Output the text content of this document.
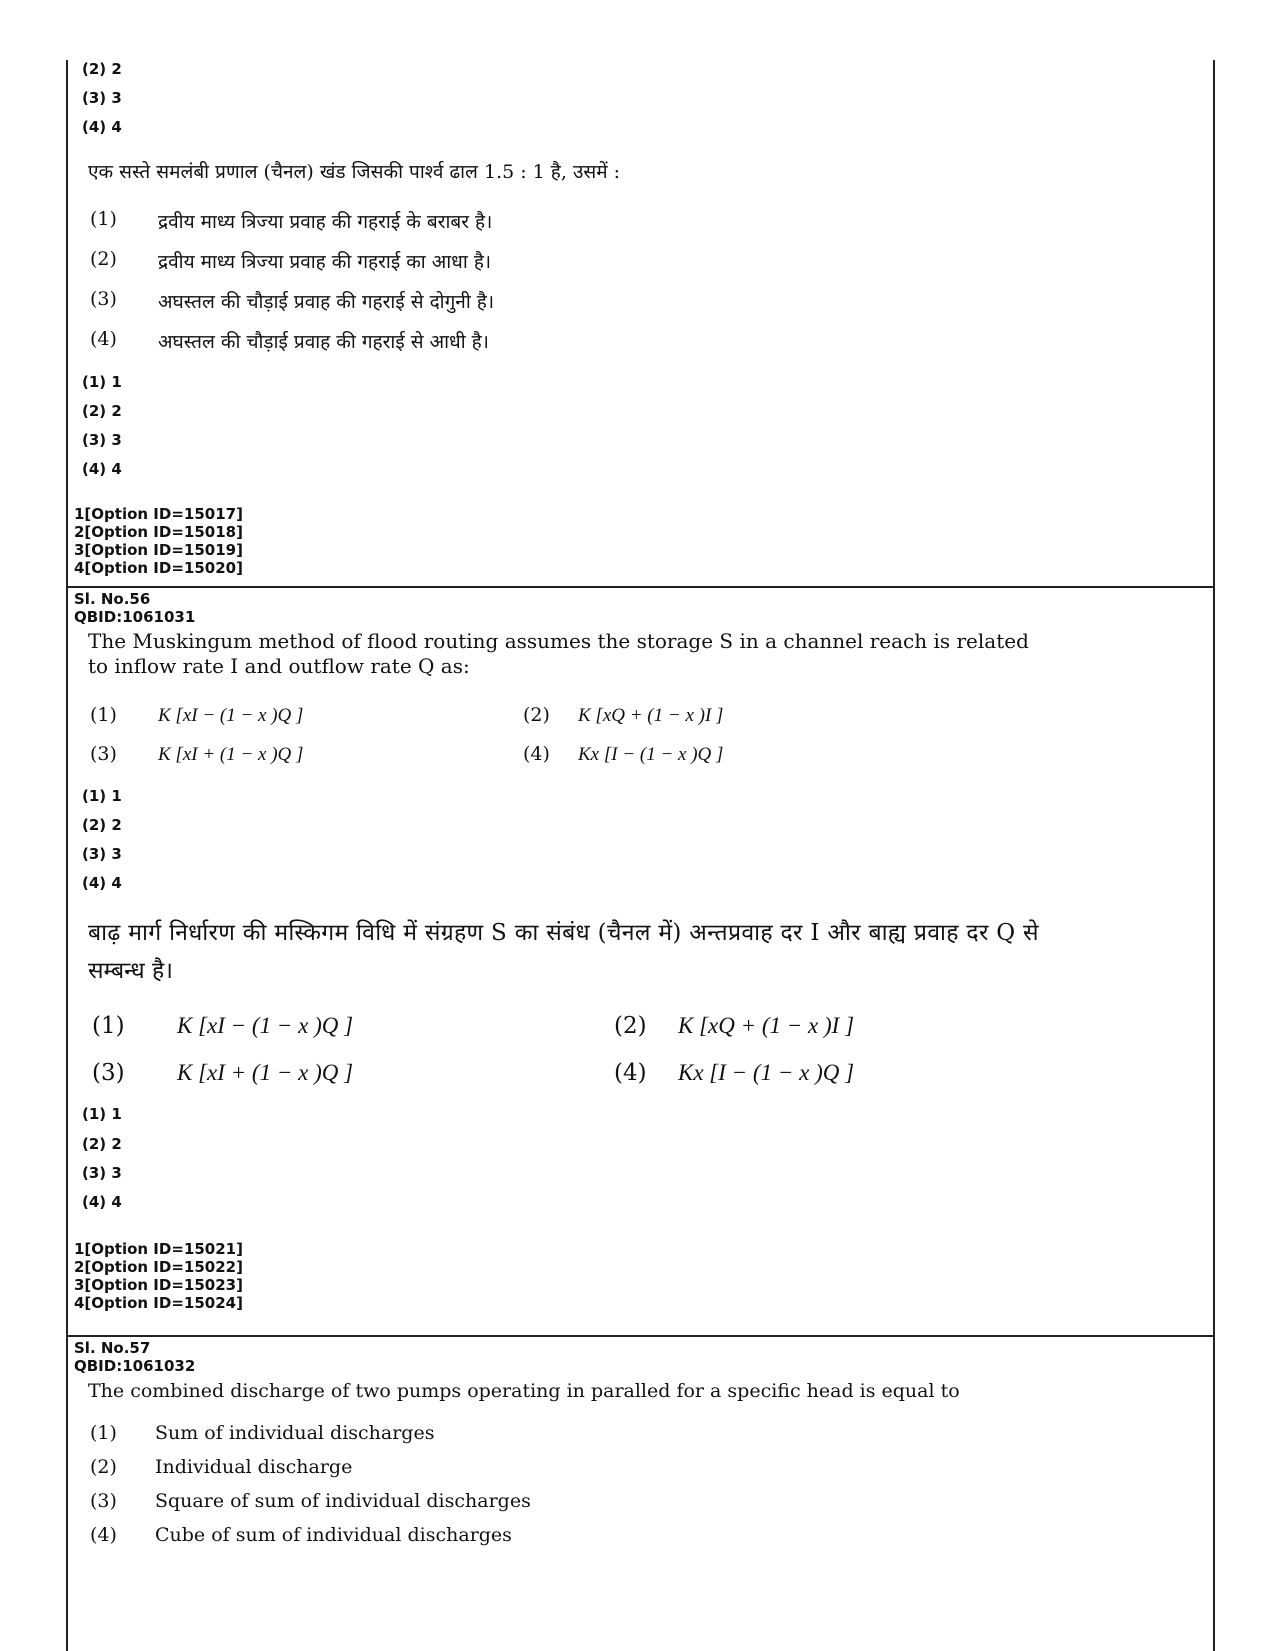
(2) 2
(3) 3
(4) 4
एक सस्ते समलंबी प्रणाल (चैनल) खंड जिसकी पार्श्व ढाल 1.5 : 1 है, उसमें :
(1) द्रवीय माध्य त्रिज्या प्रवाह की गहराई के बराबर है।
(2) द्रवीय माध्य त्रिज्या प्रवाह की गहराई का आधा है।
(3) अघस्तल की चौड़ाई प्रवाह की गहराई से दोगुनी है।
(4) अघस्तल की चौड़ाई प्रवाह की गहराई से आधी है।
(1) 1
(2) 2
(3) 3
(4) 4
1[Option ID=15017]
2[Option ID=15018]
3[Option ID=15019]
4[Option ID=15020]
Sl. No.56
QBID:1061031
The Muskingum method of flood routing assumes the storage S in a channel reach is related
to inflow rate I and outflow rate Q as:
(1) K [xI − (1 − x )Q ]	(2) K [xQ + (1 − x )I ]
(3) K [xI + (1 − x )Q ]	(4) Kx [I − (1 − x )Q ]
(1) 1
(2) 2
(3) 3
(4) 4
बाढ़ मार्ग निर्धारण की मस्किगम विधि में संग्रहण S का संबंध (चैनल में) अन्तप्रवाह दर I और बाह्य प्रवाह दर Q से
सम्बन्ध है।
(1) K [xI − (1 − x )Q ]	(2) K [xQ + (1 − x )I ]
(3) K [xI + (1 − x )Q ]	(4) Kx [I − (1 − x )Q ]
(1) 1
(2) 2
(3) 3
(4) 4
1[Option ID=15021]
2[Option ID=15022]
3[Option ID=15023]
4[Option ID=15024]
Sl. No.57
QBID:1061032
The combined discharge of two pumps operating in paralled for a specific head is equal to
(1) Sum of individual discharges
(2) Individual discharge
(3) Square of sum of individual discharges
(4) Cube of sum of individual discharges
